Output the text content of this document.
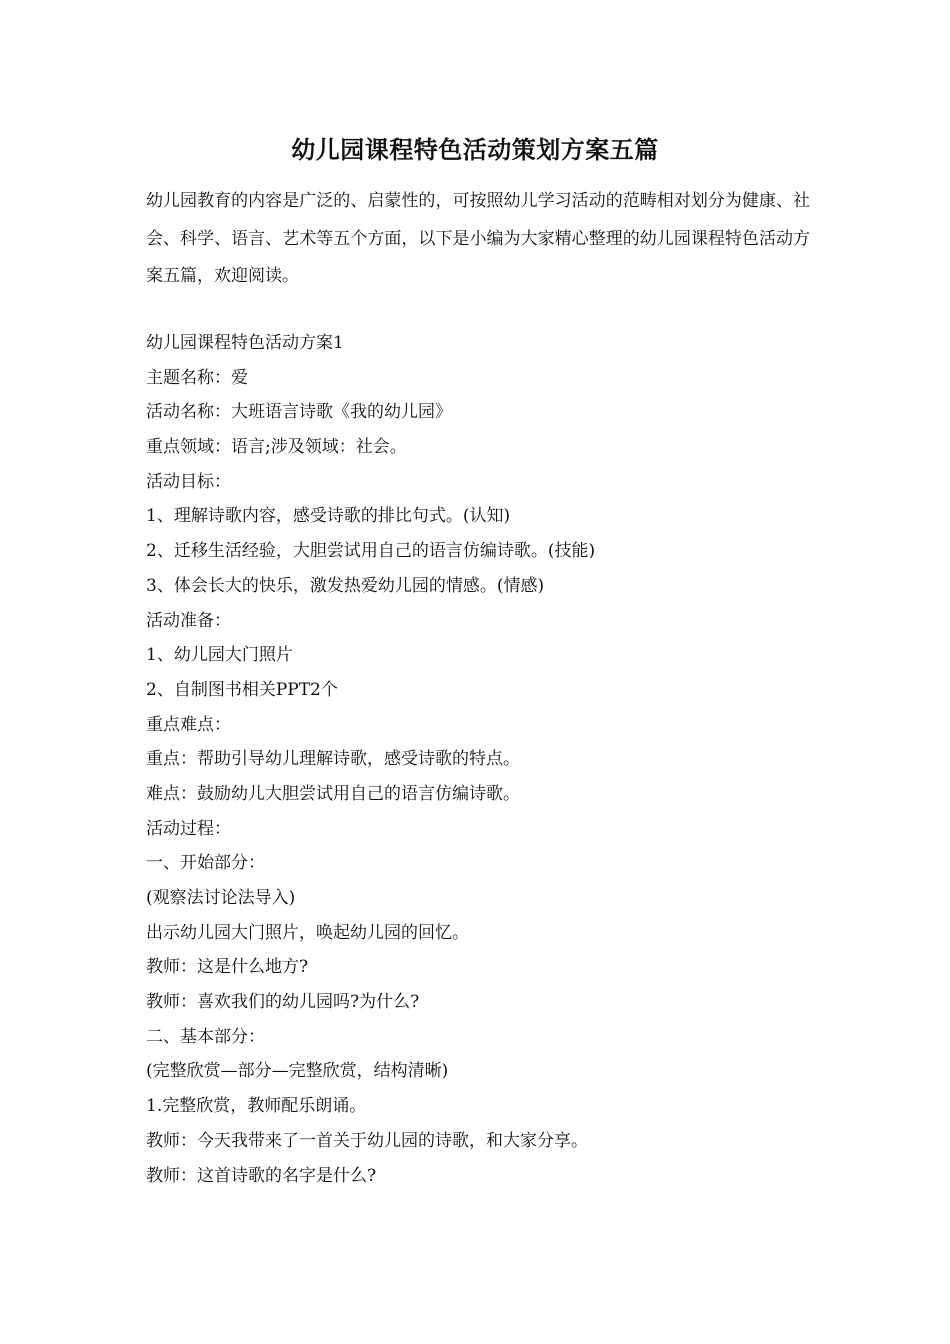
幼儿园课程特色活动策划方案五篇
幼儿园教育的内容是广泛的、启蒙性的，可按照幼儿学习活动的范畴相对划分为健康、社会、科学、语言、艺术等五个方面，以下是小编为大家精心整理的幼儿园课程特色活动方案五篇，欢迎阅读。
幼儿园课程特色活动方案1
主题名称：爱
活动名称：大班语言诗歌《我的幼儿园》
重点领域：语言;涉及领域：社会。
活动目标：
1、理解诗歌内容，感受诗歌的排比句式。(认知)
2、迁移生活经验，大胆尝试用自己的语言仿编诗歌。(技能)
3、体会长大的快乐，激发热爱幼儿园的情感。(情感)
活动准备：
1、幼儿园大门照片
2、自制图书相关PPT2个
重点难点：
重点：帮助引导幼儿理解诗歌，感受诗歌的特点。
难点：鼓励幼儿大胆尝试用自己的语言仿编诗歌。
活动过程：
一、开始部分：
(观察法讨论法导入)
出示幼儿园大门照片，唤起幼儿园的回忆。
教师：这是什么地方?
教师：喜欢我们的幼儿园吗?为什么?
二、基本部分：
(完整欣赏—部分—完整欣赏，结构清晰)
1.完整欣赏，教师配乐朗诵。
教师：今天我带来了一首关于幼儿园的诗歌，和大家分享。
教师：这首诗歌的名字是什么?
